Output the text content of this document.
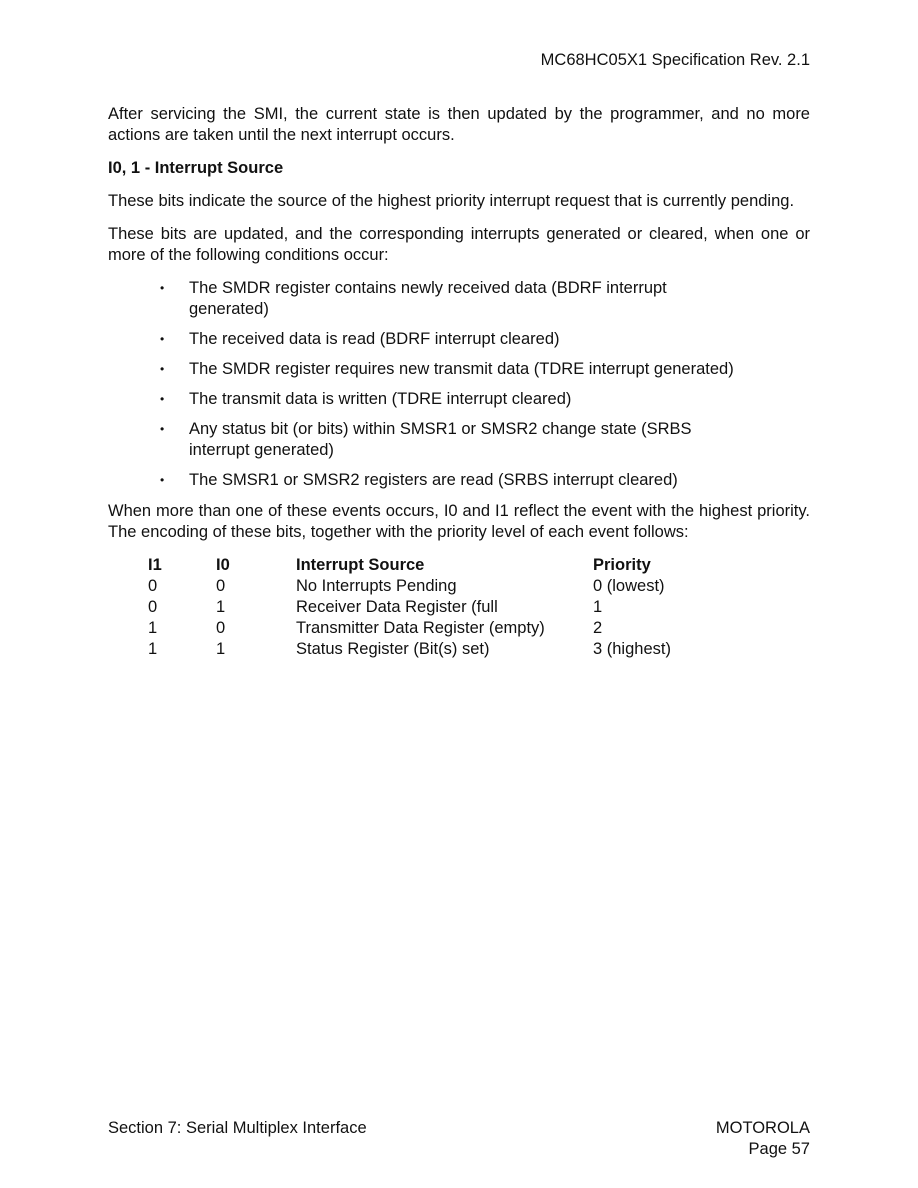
MC68HC05X1 Specification Rev. 2.1

After servicing the SMI, the current state is then updated by the programmer, and no more actions are taken until the next interrupt occurs.

I0, 1 - Interrupt Source

These bits indicate the source of the highest priority interrupt request that is currently pending.

These bits are updated, and the corresponding interrupts generated or cleared, when one or more of the following conditions occur:

• The SMDR register contains newly received data (BDRF interrupt generated)
• The received data is read (BDRF interrupt cleared)
• The SMDR register requires new transmit data (TDRE interrupt generated)
• The transmit data is written (TDRE interrupt cleared)
• Any status bit (or bits) within SMSR1 or SMSR2 change state (SRBS interrupt generated)
• The SMSR1 or SMSR2 registers are read (SRBS interrupt cleared)

When more than one of these events occurs, I0 and I1 reflect the event with the highest priority. The encoding of these bits, together with the priority level of each event follows:

I1	I0	Interrupt Source	Priority
0	0	No Interrupts Pending	0 (lowest)
0	1	Receiver Data Register (full	1
1	0	Transmitter Data Register (empty)	2
1	1	Status Register (Bit(s) set)	3 (highest)
Section 7: Serial Multiplex Interface	MOTOROLA
Page 57
